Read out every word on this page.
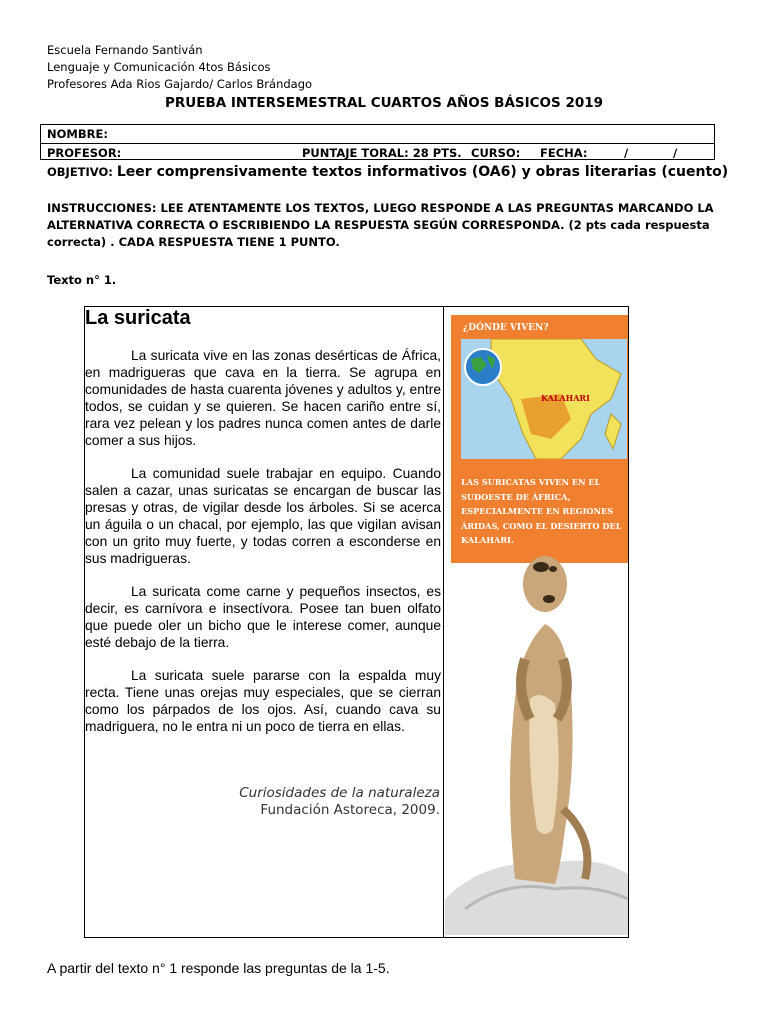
Escuela Fernando Santiván
Lenguaje y Comunicación 4tos Básicos
Profesores Ada Rios Gajardo/ Carlos Brándago
PRUEBA INTERSEMESTRAL CUARTOS AÑOS BÁSICOS 2019
NOMBRE:
PROFESOR:	PUNTAJE TORAL: 28 PTS. CURSO: FECHA:	/	/
OBJETIVO: Leer comprensivamente textos informativos (OA6) y obras literarias (cuento)
INSTRUCCIONES: LEE ATENTAMENTE LOS TEXTOS, LUEGO RESPONDE A LAS PREGUNTAS MARCANDO LA ALTERNATIVA CORRECTA O ESCRIBIENDO LA RESPUESTA SEGÚN CORRESPONDA. (2 pts cada respuesta correcta) . CADA RESPUESTA TIENE 1 PUNTO.
Texto n° 1.
La suricata

La suricata vive en las zonas desérticas de África, en madrigueras que cava en la tierra. Se agrupa en comunidades de hasta cuarenta jóvenes y adultos y, entre todos, se cuidan y se quieren. Se hacen cariño entre sí, rara vez pelean y los padres nunca comen antes de darle comer a sus hijos.

La comunidad suele trabajar en equipo. Cuando salen a cazar, unas suricatas se encargan de buscar las presas y otras, de vigilar desde los árboles. Si se acerca un águila o un chacal, por ejemplo, las que vigilan avisan con un grito muy fuerte, y todas corren a esconderse en sus madrigueras.

La suricata come carne y pequeños insectos, es decir, es carnívora e insectívora. Posee tan buen olfato que puede oler un bicho que le interese comer, aunque esté debajo de la tierra.

La suricata suele pararse con la espalda muy recta. Tiene unas orejas muy especiales, que se cierran como los párpados de los ojos. Así, cuando cava su madriguera, no le entra ni un poco de tierra en ellas.

Curiosidades de la naturaleza
Fundación Astoreca, 2009.
¿DÓNDE VIVEN?
KALAHARI
LAS SURICATAS VIVEN EN EL SUDOESTE DE ÁFRICA, ESPECIALMENTE EN REGIONES ÁRIDAS, COMO EL DESIERTO DEL KALAHARI.
A partir del texto n° 1 responde las preguntas de la 1-5.
